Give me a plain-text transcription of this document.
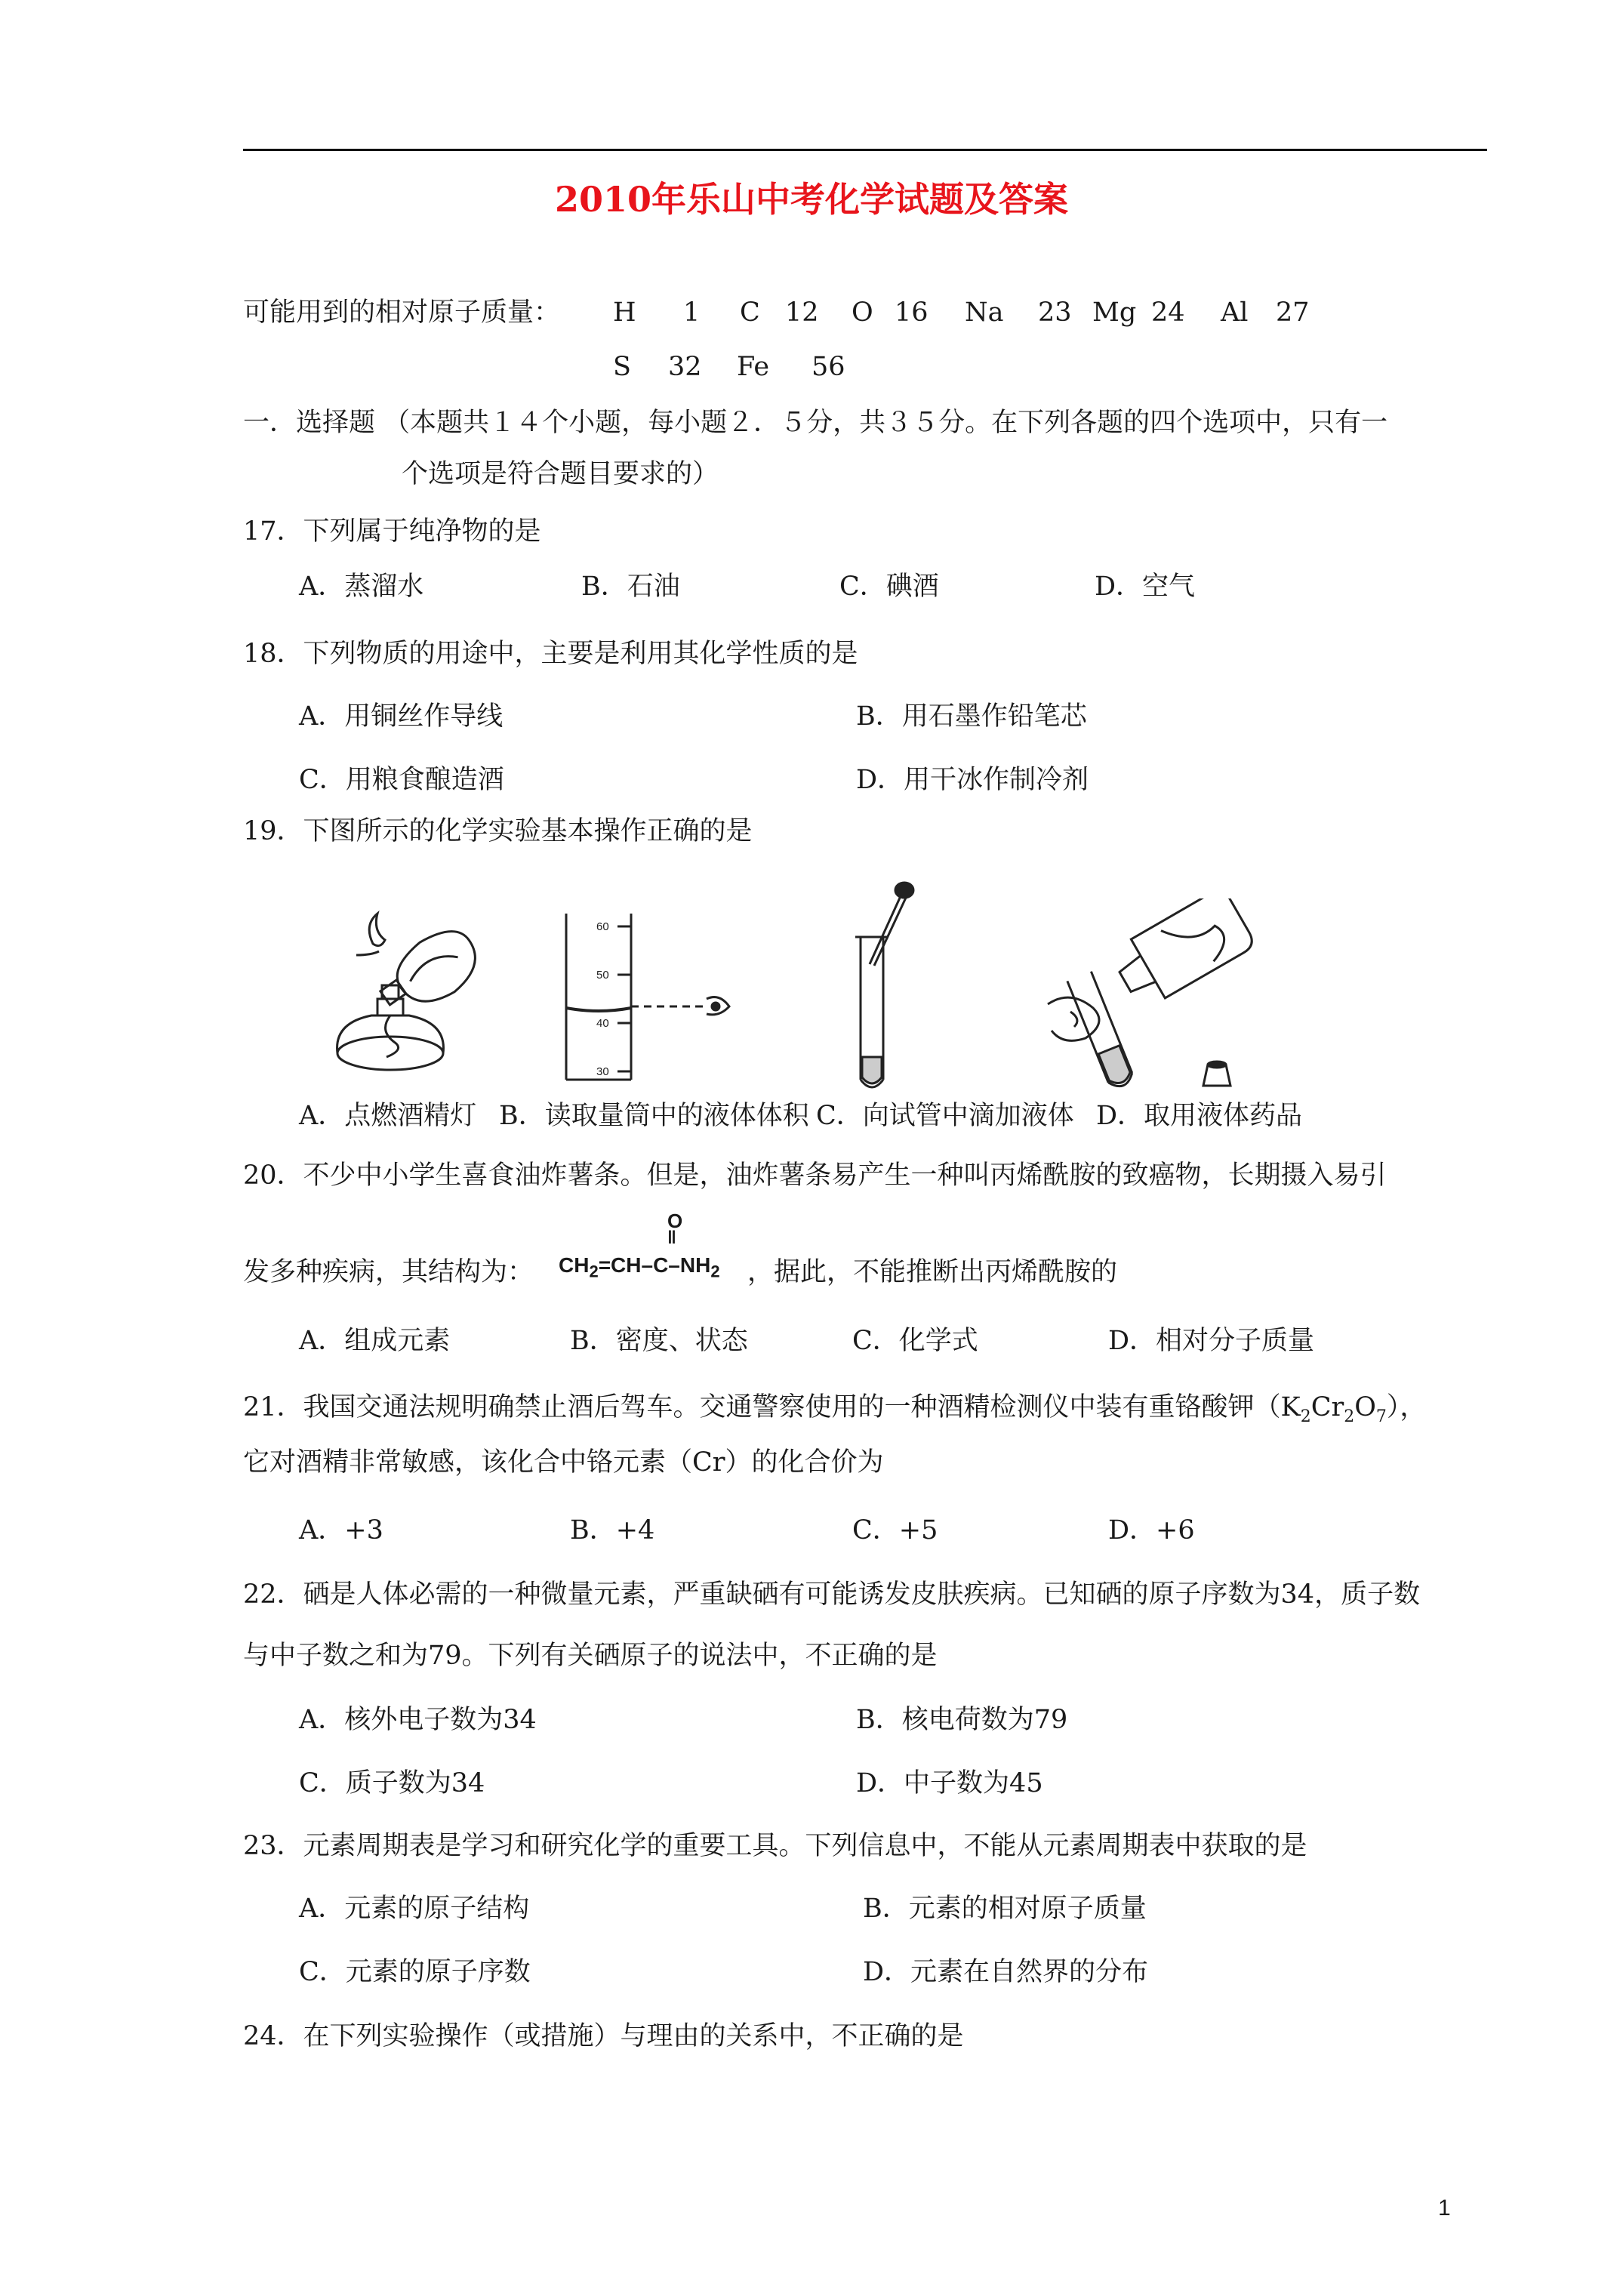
2010年乐山中考化学试题及答案
可能用到的相对原子质量：
一．选择题 （本题共１４个小题，每小题２．５分，共３５分。在下列各题的四个选项中，只有一
个选项是符合题目要求的）
17．下列属于纯净物的是
A．蒸溜水	B．石油	C．碘酒	D．空气
18．下列物质的用途中，主要是利用其化学性质的是
A．用铜丝作导线	B．用石墨作铅笔芯
C．用粮食酿造酒	D．用干冰作制冷剂
19．下图所示的化学实验基本操作正确的是
60
50
40
30
A．点燃酒精灯 B．读取量筒中的液体体积 C．向试管中滴加液体 D．取用液体药品
20．不少中小学生喜食油炸薯条。但是，油炸薯条易产生一种叫丙烯酰胺的致癌物，长期摄入易引
发多种疾病，其结构为：
O
‖
$CH_2=CH-C-NH_2$ ，据此，不能推断出丙烯酰胺的
A．组成元素	B．密度、状态	C．化学式	D．相对分子质量
21．我国交通法规明确禁止酒后驾车。交通警察使用的一种酒精检测仪中装有重铬酸钾$(K_2Cr_2O_7)$，
它对酒精非常敏感，该化合中铬元素（Cr）的化合价为
A．+3	B．+4	C．+5	D．+6
22．硒是人体必需的一种微量元素，严重缺硒有可能诱发皮肤疾病。已知硒的原子序数为34，质子数
与中子数之和为79。下列有关硒原子的说法中，不正确的是
A．核外电子数为34	B．核电荷数为79
C．质子数为34	D．中子数为45
23．元素周期表是学习和研究化学的重要工具。下列信息中，不能从元素周期表中获取的是
A．元素的原子结构	B．元素的相对原子质量
C．元素的原子序数	D．元素在自然界的分布
24．在下列实验操作（或措施）与理由的关系中，不正确的是
1
H 1 C 12 O 16 Na 23 Mg 24 Al 27
S 32 Fe 56
